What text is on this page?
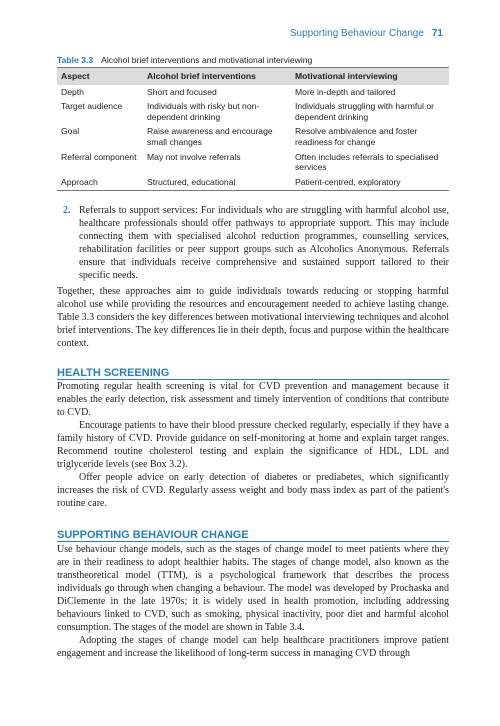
Supporting Behaviour Change 71
Table 3.3 Alcohol brief interventions and motivational interviewing
Aspect	Alcohol brief interventions	Motivational interviewing
Depth	Short and focused	More in-depth and tailored
Target audience	Individuals with risky but non-dependent drinking	Individuals struggling with harmful or dependent drinking
Goal	Raise awareness and encourage small changes	Resolve ambivalence and foster readiness for change
Referral component	May not involve referrals	Often includes referrals to specialised services
Approach	Structured, educational	Patient-centred, exploratory
2. Referrals to support services: For individuals who are struggling with harmful alcohol use, healthcare professionals should offer pathways to appropriate support. This may include connecting them with specialised alcohol reduction programmes, counselling services, rehabilitation facilities or peer support groups such as Alcoholics Anonymous. Referrals ensure that individuals receive comprehensive and sustained support tailored to their specific needs.

Together, these approaches aim to guide individuals towards reducing or stopping harmful alcohol use while providing the resources and encouragement needed to achieve lasting change. Table 3.3 considers the key differences between motivational interviewing techniques and alcohol brief interventions. The key differences lie in their depth, focus and purpose within the healthcare context.

HEALTH SCREENING

Promoting regular health screening is vital for CVD prevention and management because it enables the early detection, risk assessment and timely intervention of conditions that contribute to CVD.

Encourage patients to have their blood pressure checked regularly, especially if they have a family history of CVD. Provide guidance on self-monitoring at home and explain target ranges. Recommend routine cholesterol testing and explain the significance of HDL, LDL and triglyceride levels (see Box 3.2).

Offer people advice on early detection of diabetes or prediabetes, which significantly increases the risk of CVD. Regularly assess weight and body mass index as part of the patient's routine care.

SUPPORTING BEHAVIOUR CHANGE

Use behaviour change models, such as the stages of change model to meet patients where they are in their readiness to adopt healthier habits. The stages of change model, also known as the transtheoretical model (TTM), is a psychological framework that describes the process individuals go through when changing a behaviour. The model was developed by Prochaska and DiClemente in the late 1970s; it is widely used in health promotion, including addressing behaviours linked to CVD, such as smoking, physical inactivity, poor diet and harmful alcohol consumption. The stages of the model are shown in Table 3.4.

Adopting the stages of change model can help healthcare practitioners improve patient engagement and increase the likelihood of long-term success in managing CVD through
